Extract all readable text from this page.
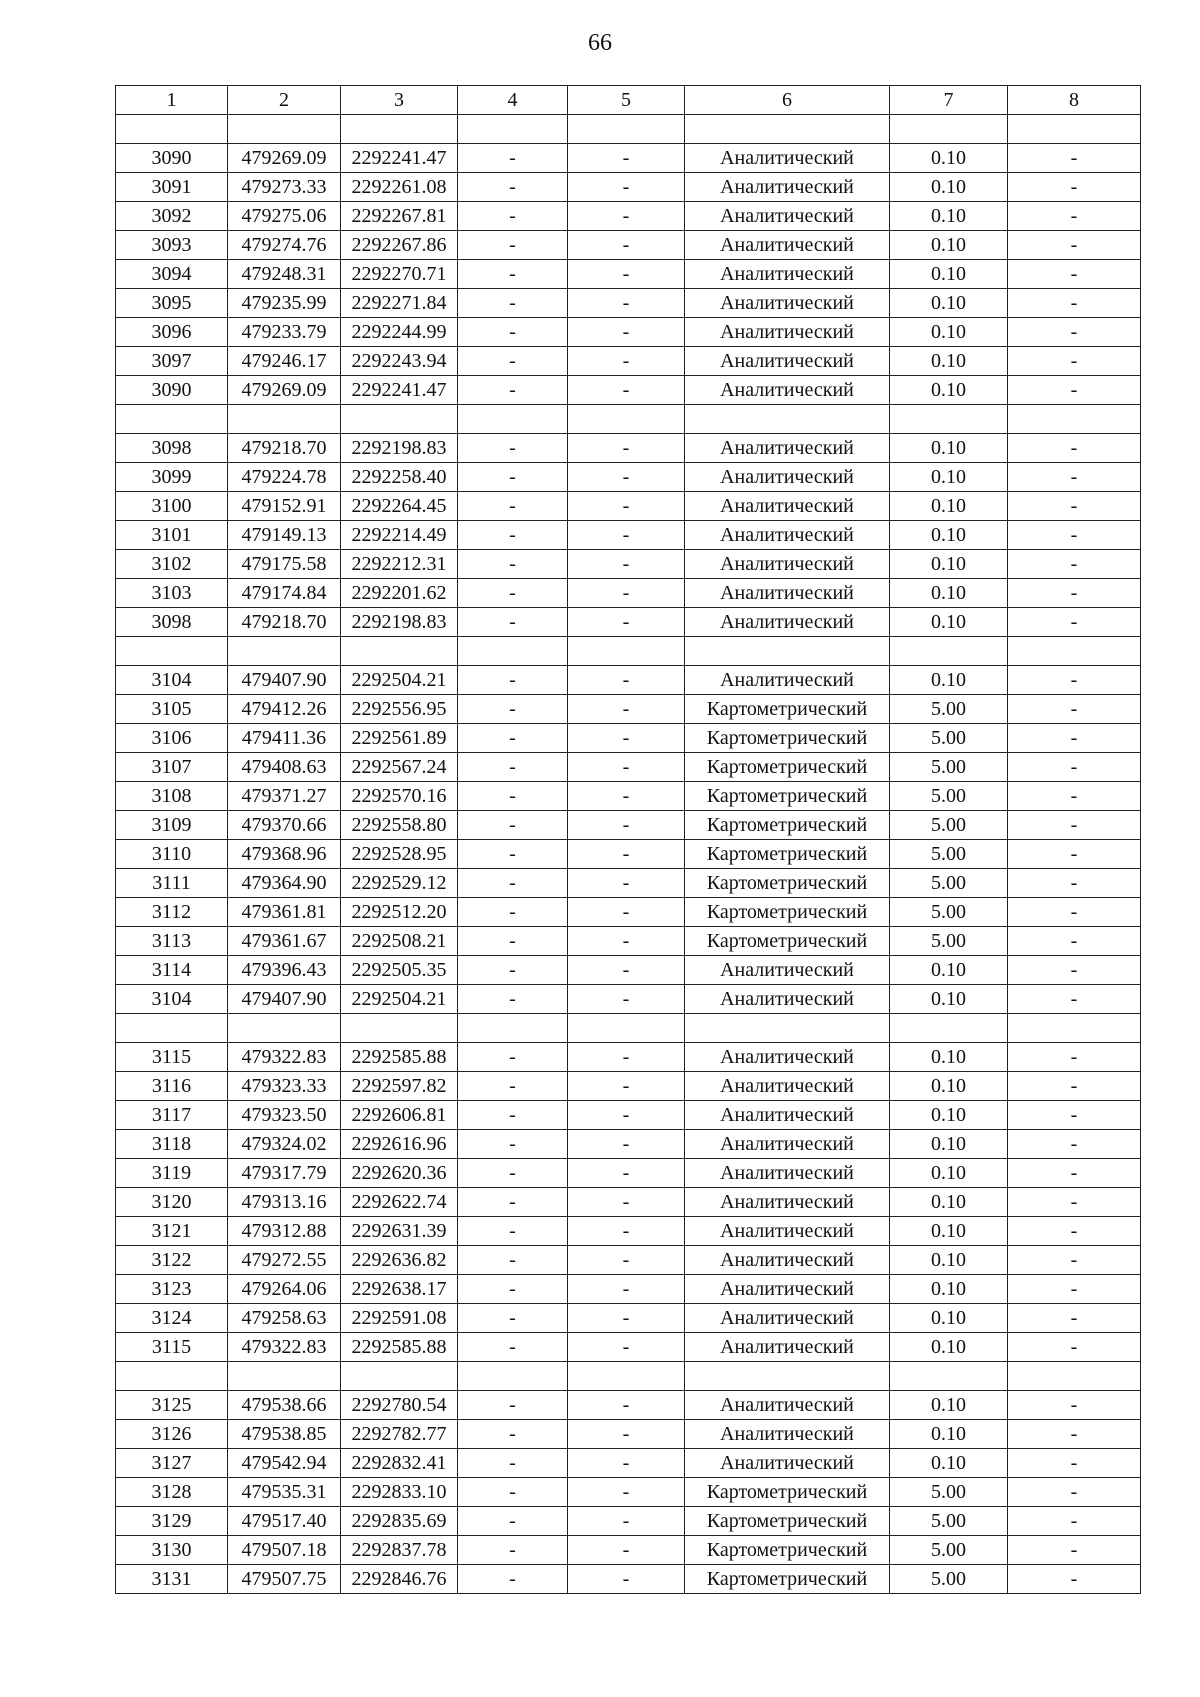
66
1	2	3	4	5	6	7	8

3090	479269.09	2292241.47	-	-	Аналитический	0.10	-
3091	479273.33	2292261.08	-	-	Аналитический	0.10	-
3092	479275.06	2292267.81	-	-	Аналитический	0.10	-
3093	479274.76	2292267.86	-	-	Аналитический	0.10	-
3094	479248.31	2292270.71	-	-	Аналитический	0.10	-
3095	479235.99	2292271.84	-	-	Аналитический	0.10	-
3096	479233.79	2292244.99	-	-	Аналитический	0.10	-
3097	479246.17	2292243.94	-	-	Аналитический	0.10	-
3090	479269.09	2292241.47	-	-	Аналитический	0.10	-

3098	479218.70	2292198.83	-	-	Аналитический	0.10	-
3099	479224.78	2292258.40	-	-	Аналитический	0.10	-
3100	479152.91	2292264.45	-	-	Аналитический	0.10	-
3101	479149.13	2292214.49	-	-	Аналитический	0.10	-
3102	479175.58	2292212.31	-	-	Аналитический	0.10	-
3103	479174.84	2292201.62	-	-	Аналитический	0.10	-
3098	479218.70	2292198.83	-	-	Аналитический	0.10	-

3104	479407.90	2292504.21	-	-	Аналитический	0.10	-
3105	479412.26	2292556.95	-	-	Картометрический	5.00	-
3106	479411.36	2292561.89	-	-	Картометрический	5.00	-
3107	479408.63	2292567.24	-	-	Картометрический	5.00	-
3108	479371.27	2292570.16	-	-	Картометрический	5.00	-
3109	479370.66	2292558.80	-	-	Картометрический	5.00	-
3110	479368.96	2292528.95	-	-	Картометрический	5.00	-
3111	479364.90	2292529.12	-	-	Картометрический	5.00	-
3112	479361.81	2292512.20	-	-	Картометрический	5.00	-
3113	479361.67	2292508.21	-	-	Картометрический	5.00	-
3114	479396.43	2292505.35	-	-	Аналитический	0.10	-
3104	479407.90	2292504.21	-	-	Аналитический	0.10	-

3115	479322.83	2292585.88	-	-	Аналитический	0.10	-
3116	479323.33	2292597.82	-	-	Аналитический	0.10	-
3117	479323.50	2292606.81	-	-	Аналитический	0.10	-
3118	479324.02	2292616.96	-	-	Аналитический	0.10	-
3119	479317.79	2292620.36	-	-	Аналитический	0.10	-
3120	479313.16	2292622.74	-	-	Аналитический	0.10	-
3121	479312.88	2292631.39	-	-	Аналитический	0.10	-
3122	479272.55	2292636.82	-	-	Аналитический	0.10	-
3123	479264.06	2292638.17	-	-	Аналитический	0.10	-
3124	479258.63	2292591.08	-	-	Аналитический	0.10	-
3115	479322.83	2292585.88	-	-	Аналитический	0.10	-

3125	479538.66	2292780.54	-	-	Аналитический	0.10	-
3126	479538.85	2292782.77	-	-	Аналитический	0.10	-
3127	479542.94	2292832.41	-	-	Аналитический	0.10	-
3128	479535.31	2292833.10	-	-	Картометрический	5.00	-
3129	479517.40	2292835.69	-	-	Картометрический	5.00	-
3130	479507.18	2292837.78	-	-	Картометрический	5.00	-
3131	479507.75	2292846.76	-	-	Картометрический	5.00	-
